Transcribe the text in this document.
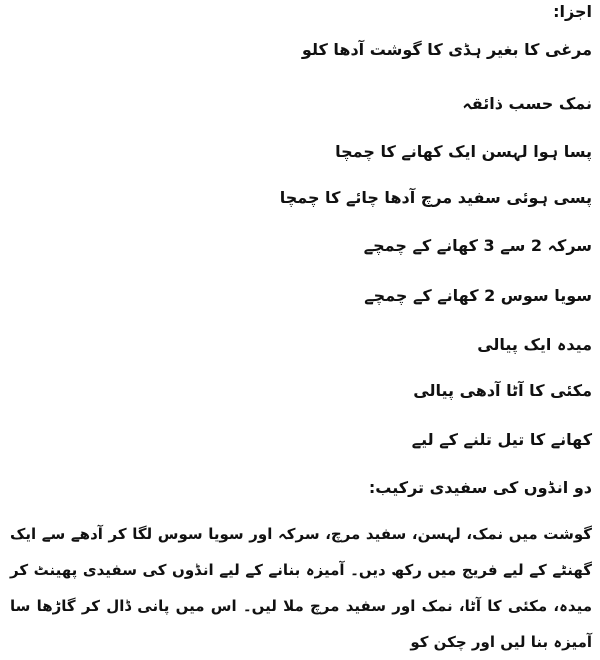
اجزا:
مرغی کا بغیر ہڈی کا گوشت آدھا کلو
نمک حسب ذائقہ
پسا ہوا لہسن ایک کھانے کا چمچا
پسی ہوئی سفید مرچ آدھا چائے کا چمچا
سرکہ 2 سے 3 کھانے کے چمچے
سویا سوس 2 کھانے کے چمچے
میدہ ایک پیالی
مکئی کا آٹا آدھی پیالی
کھانے کا تیل تلنے کے لیے
دو انڈوں کی سفیدی ترکیب:
گوشت میں نمک، لہسن، سفید مرچ، سرکہ اور سویا سوس لگا کر آدھے سے ایک گھنٹے کے لیے فریج میں رکھ دیں۔ آمیزہ بنانے کے لیے انڈوں کی سفیدی پھینٹ کر میدہ، مکئی کا آٹا، نمک اور سفید مرچ ملا لیں۔ اس میں پانی ڈال کر گاڑھا سا آمیزہ بنا لیں اور چکن کو
